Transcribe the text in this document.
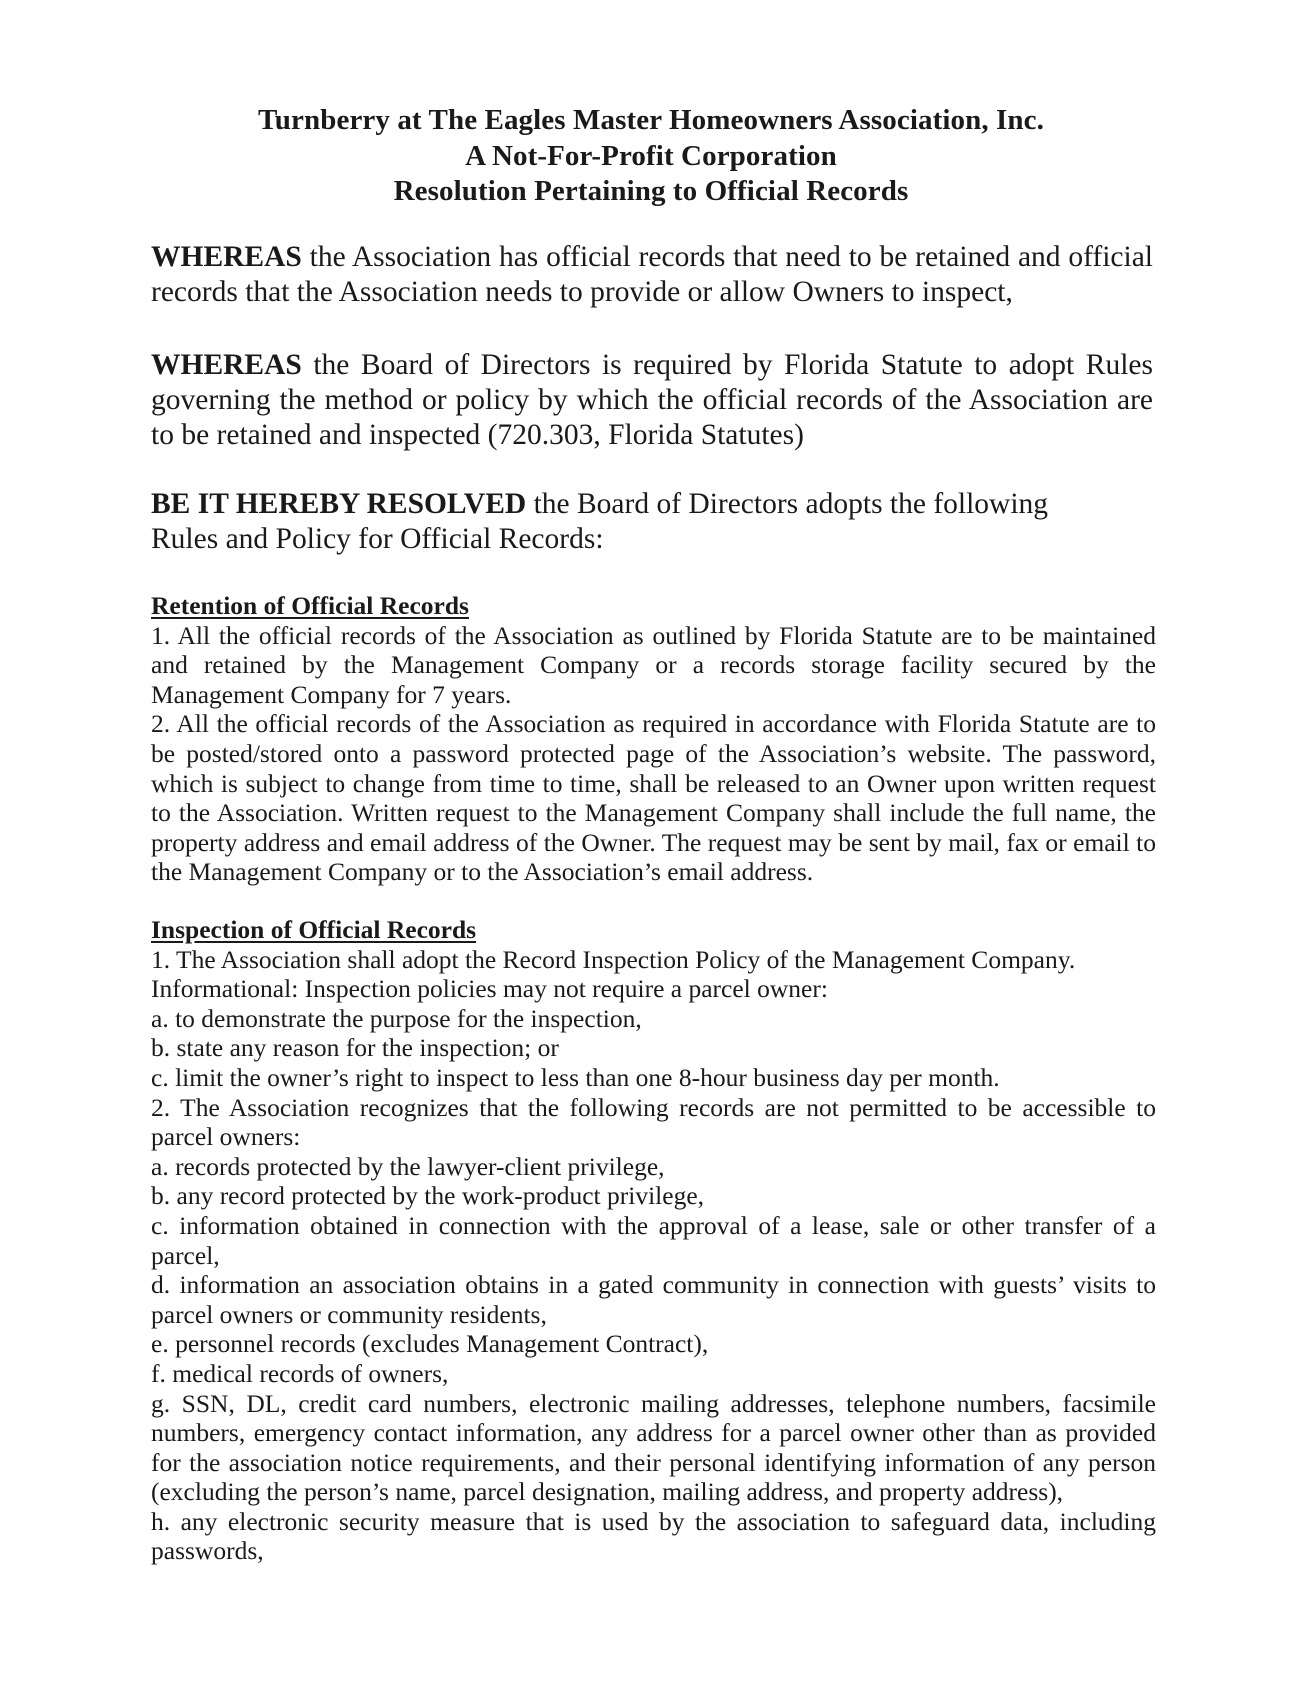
Turnberry at The Eagles Master Homeowners Association, Inc.
A Not-For-Profit Corporation
Resolution Pertaining to Official Records
WHEREAS the Association has official records that need to be retained and official records that the Association needs to provide or allow Owners to inspect,
WHEREAS the Board of Directors is required by Florida Statute to adopt Rules governing the method or policy by which the official records of the Association are to be retained and inspected (720.303, Florida Statutes)
BE IT HEREBY RESOLVED the Board of Directors adopts the following
Rules and Policy for Official Records:
Retention of Official Records
1. All the official records of the Association as outlined by Florida Statute are to be maintained and retained by the Management Company or a records storage facility secured by the Management Company for 7 years.
2. All the official records of the Association as required in accordance with Florida Statute are to be posted/stored onto a password protected page of the Association’s website. The password, which is subject to change from time to time, shall be released to an Owner upon written request to the Association. Written request to the Management Company shall include the full name, the property address and email address of the Owner. The request may be sent by mail, fax or email to the Management Company or to the Association’s email address.
Inspection of Official Records
1. The Association shall adopt the Record Inspection Policy of the Management Company.
Informational: Inspection policies may not require a parcel owner:
a. to demonstrate the purpose for the inspection,
b. state any reason for the inspection; or
c. limit the owner’s right to inspect to less than one 8-hour business day per month.
2. The Association recognizes that the following records are not permitted to be accessible to parcel owners:
a. records protected by the lawyer-client privilege,
b. any record protected by the work-product privilege,
c. information obtained in connection with the approval of a lease, sale or other transfer of a parcel,
d. information an association obtains in a gated community in connection with guests’ visits to parcel owners or community residents,
e. personnel records (excludes Management Contract),
f. medical records of owners,
g. SSN, DL, credit card numbers, electronic mailing addresses, telephone numbers, facsimile numbers, emergency contact information, any address for a parcel owner other than as provided for the association notice requirements, and their personal identifying information of any person (excluding the person’s name, parcel designation, mailing address, and property address),
h. any electronic security measure that is used by the association to safeguard data, including passwords,
